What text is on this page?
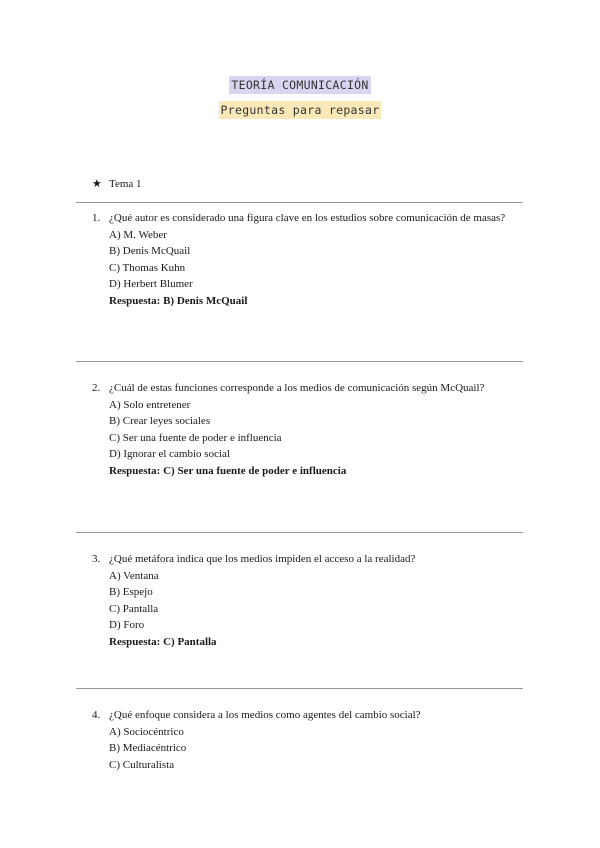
TEORÍA COMUNICACIÓN
Preguntas para repasar
★ Tema 1
1. ¿Qué autor es considerado una figura clave en los estudios sobre comunicación de masas?
A) M. Weber
B) Denis McQuail
C) Thomas Kuhn
D) Herbert Blumer
Respuesta: B) Denis McQuail
2. ¿Cuál de estas funciones corresponde a los medios de comunicación según McQuail?
A) Solo entretener
B) Crear leyes sociales
C) Ser una fuente de poder e influencia
D) Ignorar el cambio social
Respuesta: C) Ser una fuente de poder e influencia
3. ¿Qué metáfora indica que los medios impiden el acceso a la realidad?
A) Ventana
B) Espejo
C) Pantalla
D) Foro
Respuesta: C) Pantalla
4. ¿Qué enfoque considera a los medios como agentes del cambio social?
A) Sociocéntrico
B) Mediacéntrico
C) Culturalista
